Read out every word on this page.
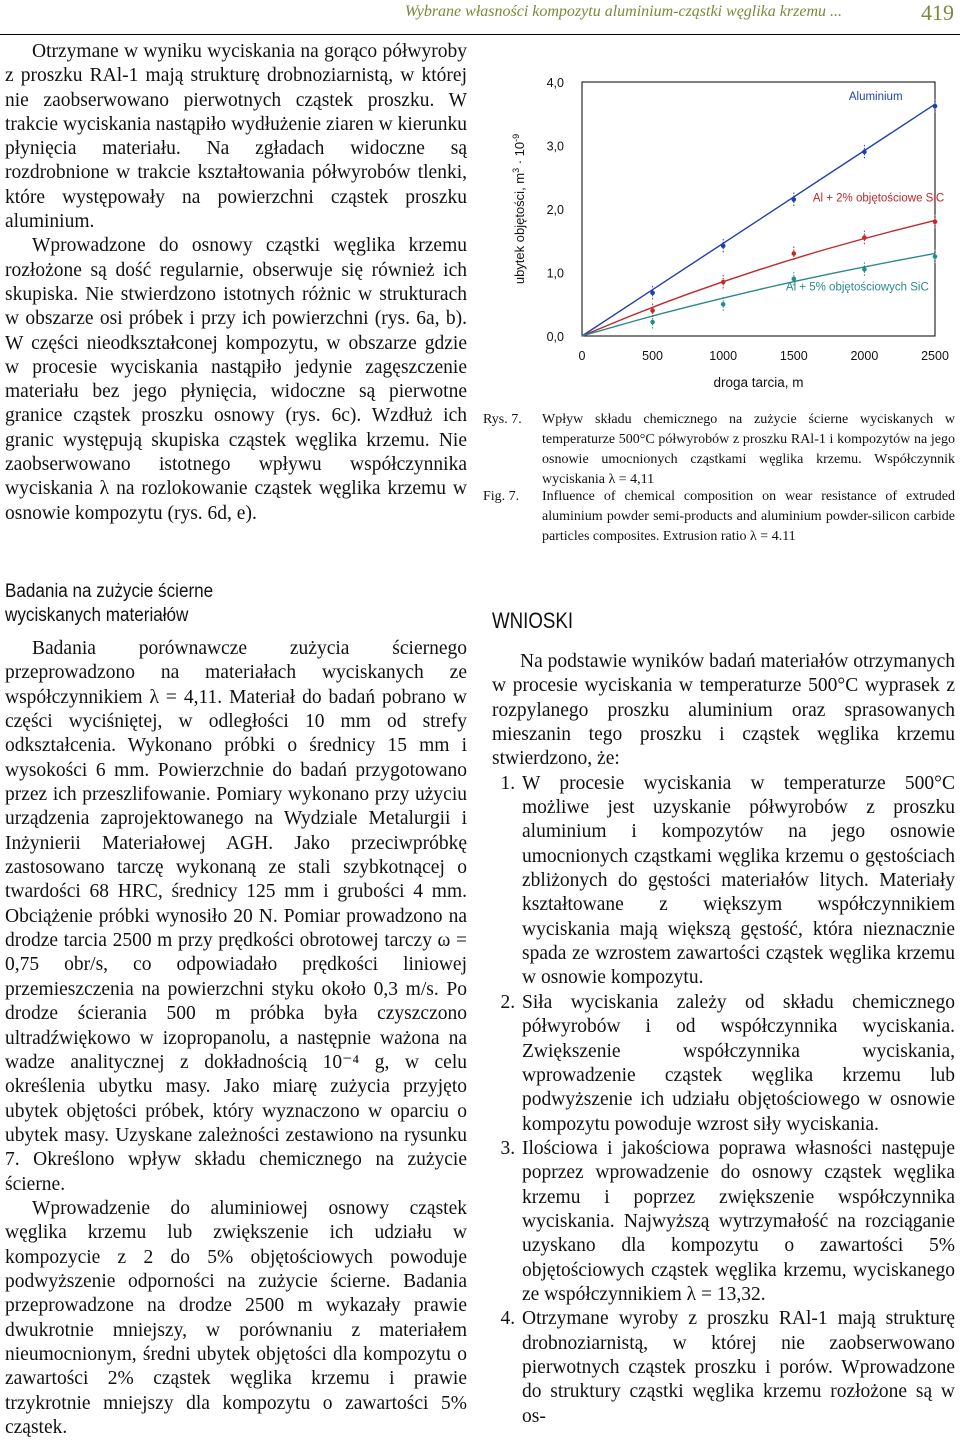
Wybrane własności kompozytu aluminium-cząstki węglika krzemu ...	419

Otrzymane w wyniku wyciskania na gorąco półwyroby z proszku RAl-1 mają strukturę drobnoziarnistą, w której nie zaobserwowano pierwotnych cząstek proszku. W trakcie wyciskania nastąpiło wydłużenie ziaren w kierunku płynięcia materiału. Na zgładach widoczne są rozdrobnione w trakcie kształtowania półwyrobów tlenki, które występowały na powierzchni cząstek proszku aluminium.

Wprowadzone do osnowy cząstki węglika krzemu rozłożone są dość regularnie, obserwuje się również ich skupiska. Nie stwierdzono istotnych różnic w strukturach w obszarze osi próbek i przy ich powierzchni (rys. 6a, b). W części nieodkształconej kompozytu, w obszarze gdzie w procesie wyciskania nastąpiło jedynie zagęszczenie materiału bez jego płynięcia, widoczne są pierwotne granice cząstek proszku osnowy (rys. 6c). Wzdłuż ich granic występują skupiska cząstek węglika krzemu. Nie zaobserwowano istotnego wpływu współczynnika wyciskania λ na rozlokowanie cząstek węglika krzemu w osnowie kompozytu (rys. 6d, e).

0,0
1,0
2,0
3,0
4,0
0	500	1000	1500	2000	2500
droga tarcia, m
ubytek objętości, $m^3 \cdot 10^{-9}$
Aluminium
Al + 2% objętościowe SiC
Al + 5% objętościowych SiC
Rys. 7. Wpływ składu chemicznego na zużycie ścierne wyciskanych w temperaturze 500°C półwyrobów z proszku RAl-1 i kompozytów na jego osnowie umocnionych cząstkami węglika krzemu. Współczynnik wyciskania λ = 4,11
Fig. 7. Influence of chemical composition on wear resistance of extruded aluminium powder semi-products and aluminium powder-silicon carbide particles composites. Extrusion ratio λ = 4.11
Badania na zużycie ścierne
wyciskanych materiałów

Badania porównawcze zużycia ściernego przeprowadzono na materiałach wyciskanych ze współczynnikiem λ = 4,11. Materiał do badań pobrano w części wyciśniętej, w odległości 10 mm od strefy odkształcenia. Wykonano próbki o średnicy 15 mm i wysokości 6 mm. Powierzchnie do badań przygotowano przez ich przeszlifowanie. Pomiary wykonano przy użyciu urządzenia zaprojektowanego na Wydziale Metalurgii i Inżynierii Materiałowej AGH. Jako przeciwpróbkę zastosowano tarczę wykonaną ze stali szybkotnącej o twardości 68 HRC, średnicy 125 mm i grubości 4 mm. Obciążenie próbki wynosiło 20 N. Pomiar prowadzono na drodze tarcia 2500 m przy prędkości obrotowej tarczy ω = 0,75 obr/s, co odpowiadało prędkości liniowej przemieszczenia na powierzchni styku około 0,3 m/s. Po drodze ścierania 500 m próbka była czyszczono ultradźwiękowo w izopropanolu, a następnie ważona na wadze analitycznej z dokładnością 10⁻⁴ g, w celu określenia ubytku masy. Jako miarę zużycia przyjęto ubytek objętości próbek, który wyznaczono w oparciu o ubytek masy. Uzyskane zależności zestawiono na rysunku 7. Określono wpływ składu chemicznego na zużycie ścierne.

Wprowadzenie do aluminiowej osnowy cząstek węglika krzemu lub zwiększenie ich udziału w kompozycie z 2 do 5% objętościowych powoduje podwyższenie odporności na zużycie ścierne. Badania przeprowadzone na drodze 2500 m wykazały prawie dwukrotnie mniejszy, w porównaniu z materiałem nieumocnionym, średni ubytek objętości dla kompozytu o zawartości 2% cząstek węglika krzemu i prawie trzykrotnie mniejszy dla kompozytu o zawartości 5% cząstek.

WNIOSKI

Na podstawie wyników badań materiałów otrzymanych w procesie wyciskania w temperaturze 500°C wyprasek z rozpylanego proszku aluminium oraz sprasowanych mieszanin tego proszku i cząstek węglika krzemu stwierdzono, że:

1. W procesie wyciskania w temperaturze 500°C możliwe jest uzyskanie półwyrobów z proszku aluminium i kompozytów na jego osnowie umocnionych cząstkami węglika krzemu o gęstościach zbliżonych do gęstości materiałów litych. Materiały kształtowane z większym współczynnikiem wyciskania mają większą gęstość, która nieznacznie spada ze wzrostem zawartości cząstek węglika krzemu w osnowie kompozytu.
2. Siła wyciskania zależy od składu chemicznego półwyrobów i od współczynnika wyciskania. Zwiększenie współczynnika wyciskania, wprowadzenie cząstek węglika krzemu lub podwyższenie ich udziału objętościowego w osnowie kompozytu powoduje wzrost siły wyciskania.
3. Ilościowa i jakościowa poprawa własności następuje poprzez wprowadzenie do osnowy cząstek węglika krzemu i poprzez zwiększenie współczynnika wyciskania. Najwyższą wytrzymałość na rozciąganie uzyskano dla kompozytu o zawartości 5% objętościowych cząstek węglika krzemu, wyciskanego ze współczynnikiem λ = 13,32.
4. Otrzymane wyroby z proszku RAl-1 mają strukturę drobnoziarnistą, w której nie zaobserwowano pierwotnych cząstek proszku i porów. Wprowadzone do struktury cząstki węglika krzemu rozłożone są w os-
